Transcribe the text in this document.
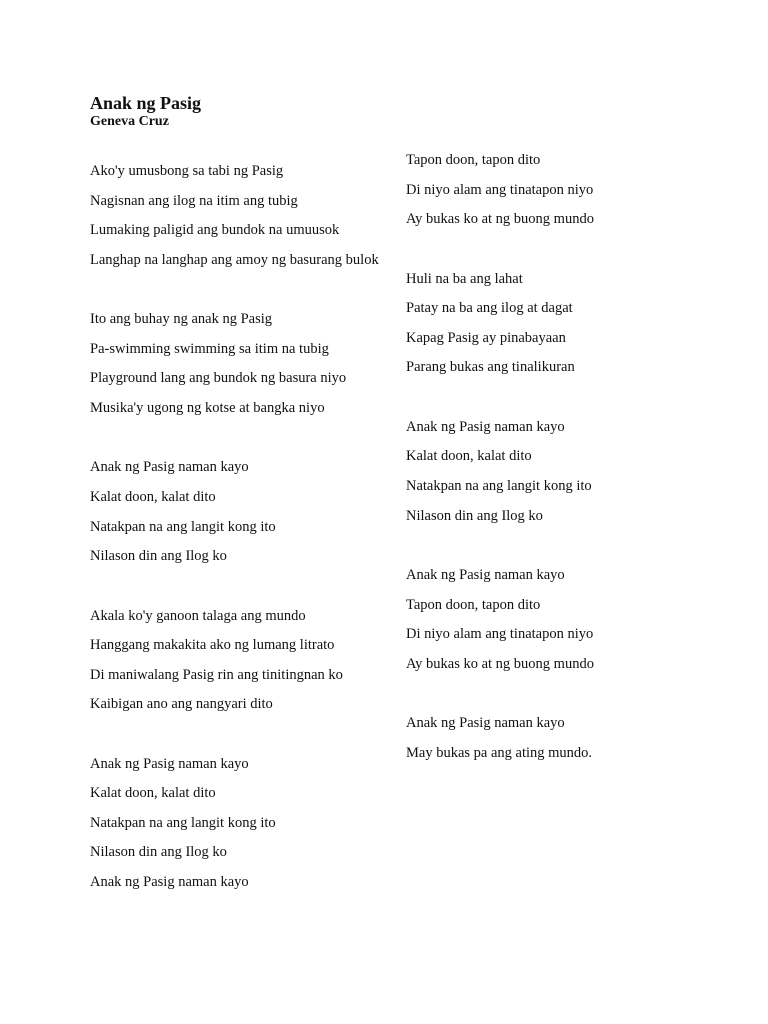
Anak ng Pasig
Geneva Cruz

Ako'y umusbong sa tabi ng Pasig

Nagisnan ang ilog na itim ang tubig

Lumaking paligid ang bundok na umuusok

Langhap na langhap ang amoy ng basurang bulok

Ito ang buhay ng anak ng Pasig

Pa-swimming swimming sa itim na tubig

Playground lang ang bundok ng basura niyo

Musika'y ugong ng kotse at bangka niyo

Anak ng Pasig naman kayo

Kalat doon, kalat dito

Natakpan na ang langit kong ito

Nilason din ang Ilog ko

Akala ko'y ganoon talaga ang mundo

Hanggang makakita ako ng lumang litrato

Di maniwalang Pasig rin ang tinitingnan ko

Kaibigan ano ang nangyari dito

Anak ng Pasig naman kayo

Kalat doon, kalat dito

Natakpan na ang langit kong ito

Nilason din ang Ilog ko

Anak ng Pasig naman kayo

Tapon doon, tapon dito

Di niyo alam ang tinatapon niyo

Ay bukas ko at ng buong mundo

Huli na ba ang lahat

Patay na ba ang ilog at dagat

Kapag Pasig ay pinabayaan

Parang bukas ang tinalikuran

Anak ng Pasig naman kayo

Kalat doon, kalat dito

Natakpan na ang langit kong ito

Nilason din ang Ilog ko

Anak ng Pasig naman kayo

Tapon doon, tapon dito

Di niyo alam ang tinatapon niyo

Ay bukas ko at ng buong mundo

Anak ng Pasig naman kayo

May bukas pa ang ating mundo.
